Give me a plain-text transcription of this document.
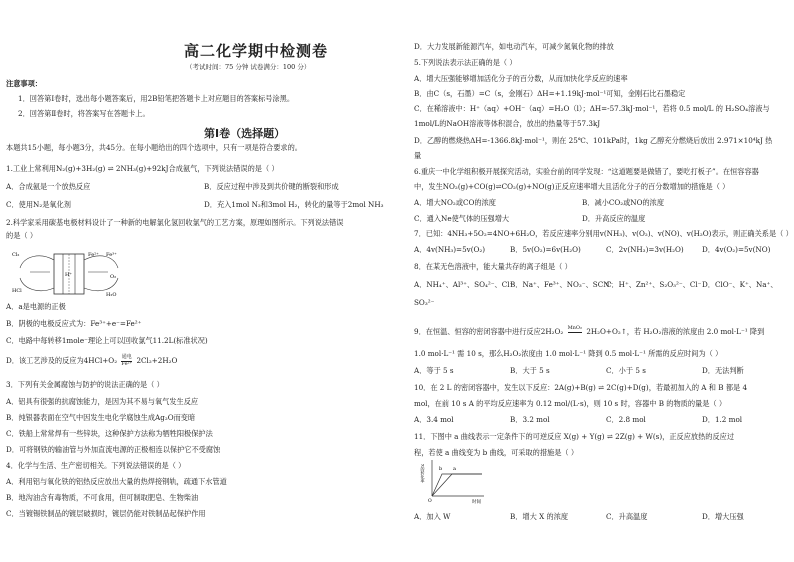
高二化学期中检测卷
（考试时间：75 分钟 试卷满分：100 分）
注意事项：
1．回答第Ⅰ卷时，选出每小题答案后，用2B铅笔把答题卡上对应题目的答案标号涂黑。
2．回答第Ⅱ卷时，将答案写在答题卡上。
第Ⅰ卷（选择题）
本题共15小题，每小题3分，共45分。在每小题给出的四个选项中，只有一项是符合要求的。
1.工业上常利用N₂(g)+3H₂(g) ⇌ 2NH₃(g)+92kJ合成氨气，下列说法错误的是（ ）
A．合成氨是一个放热反应	B．反应过程中涉及到共价键的断裂和形成
C．使用N₂是氧化剂	D．充入1mol N₂和3mol H₂，转化的量等于2mol NH₃
2.科学家采用碳基电极材料设计了一种新的电解氯化氢回收氯气的工艺方案，原理如图所示。下列说法错误
的是（ ）
Cl₂
HCl
H⁺
Fe²⁺ Fe³⁺
O₂
H₂O
A．a是电源的正极
B．阴极的电极反应式为：Fe³⁺+e⁻=Fe²⁺
C．电路中每转移1mole⁻理论上可以回收氯气11.2L(标准状况)
D．该工艺涉及的反应为4HCl+O₂ 通电
Fe²⁺ 2Cl₂+2H₂O
3．下列有关金属腐蚀与防护的说法正确的是（ ）
A．铝具有很强的抗腐蚀能力，是因为其不易与氧气发生反应
B．纯银器表面在空气中因发生电化学腐蚀生成Ag₂O而变暗
C．铁船上常常焊有一些锌块，这种保护方法称为牺牲阳极保护法
D．可将钢铁的输油管与外加直流电源的正极相连以保护它不受腐蚀
4．化学与生活、生产密切相关。下列说法错误的是（ ）
A．利用铝与氧化铁的铝热反应放出大量的热焊接钢轨，疏通下水管道
B．地沟油含有毒物质，不可食用，但可制取肥皂、生物柴油
C．当镀锡铁制品的镀层破损时，镀层仍能对铁制品起保护作用
D．大力发展新能源汽车，如电动汽车，可减少氮氧化物的排放
5.下列说法表示法正确的是（ ）
A．增大压强能够增加活化分子的百分数，从而加快化学反应的速率
B．由C（s，石墨）=C（s，金刚石）ΔH=+1.19kJ·mol⁻¹可知，金刚石比石墨稳定
C．在稀溶液中：H⁺（aq）+OH⁻（aq）=H₂O（l）；ΔH=-57.3kJ·mol⁻¹，若将 0.5 mol/L 的 H₂SO₄溶液与
1mol/L的NaOH溶液等体积混合，放出的热量等于57.3kJ
D．乙醇的燃烧热ΔH=-1366.8kJ·mol⁻¹，则在 25℃、101kPa时，1kg 乙醇充分燃烧后放出 2.971×10⁴kJ 热
量
6.重庆一中化学组积极开展探究活动，实验台前的同学发现：“这道题要是做错了，要吃打板子”。在恒容容器
中，发生NO₂(g)+CO(g)⇌CO₂(g)+NO(g)正反应速率增大且活化分子的百分数增加的措施是（ ）
A．增大NO₂或CO的浓度	B．减小CO₂或NO的浓度
C．通入Ne使气体的压强增大	D．升高反应的温度
7．已知：4NH₃+5O₂=4NO+6H₂O，若反应速率分别用v(NH₃)、v(O₂)、v(NO)、v(H₂O)表示，则正确关系是（ ）
A．4v(NH₃)=5v(O₂)	B．5v(O₂)=6v(H₂O)	C．2v(NH₃)=3v(H₂O)	D．4v(O₂)=5v(NO)
8．在某无色溶液中，能大量共存的离子组是（ ）
A．NH₄⁺、Al³⁺、SO₄²⁻、Cl⁻
B．Na⁺、Fe³⁺、NO₃⁻、SCN⁻
C．H⁺、Zn²⁺、S₂O₃²⁻、Cl⁻ D．ClO⁻、K⁺、Na⁺、
SO₃²⁻
9．在恒温、恒容的密闭容器中进行反应2H₂O₂ MnO₂
2H₂O+O₂↑，若 H₂O₂溶液的浓度由 2.0 mol·L⁻¹ 降到
1.0 mol·L⁻¹ 需 10 s，那么H₂O₂浓度由 1.0 mol·L⁻¹ 降到 0.5 mol·L⁻¹ 所需的反应时间为（ ）
A．等于 5 s	B．大于 5 s	C．小于 5 s	D．无法判断
10．在 2 L 的密闭容器中，发生以下反应：2A(g)+B(g) ⇌ 2C(g)+D(g)，若最初加入的 A 和 B 都是 4
mol，在前 10 s A 的平均反应速率为 0.12 mol/(L·s)，则 10 s 时，容器中 B 的物质的量是（ ）
A．3.4 mol	B．3.2 mol	C．2.8 mol	D．1.2 mol
11．下图中 a 曲线表示一定条件下的可逆反应 X(g) + Y(g) ⇌ 2Z(g) + W(s)，正反应放热的反应过
程，若使 a 曲线变为 b 曲线，可采取的措施是（ ）
X的转化率
时间
b a
O
A．加入 W	B．增大 X 的浓度	C．升高温度	D．增大压强
